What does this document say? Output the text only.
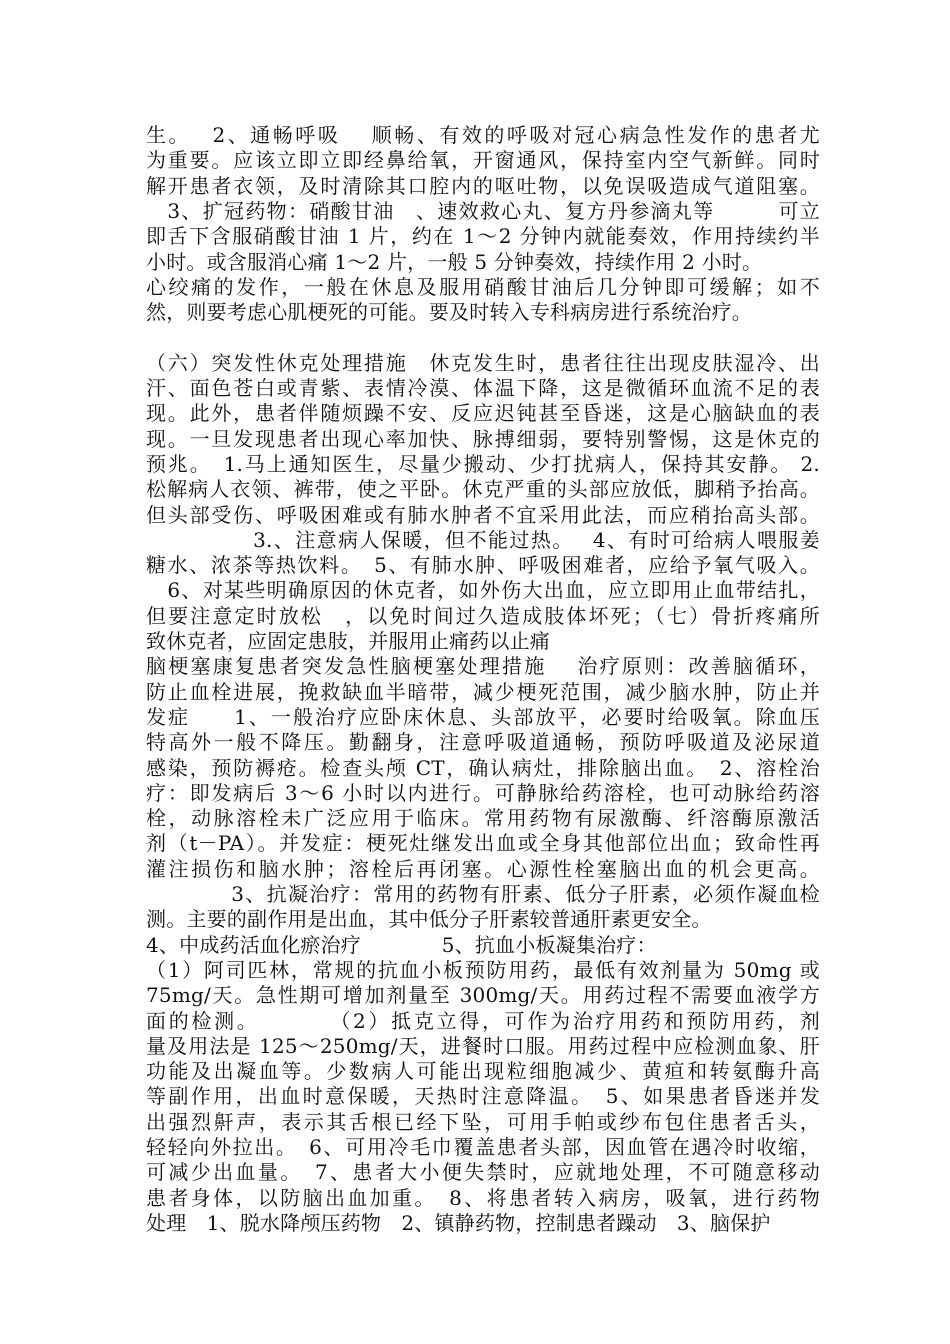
生。　 2、通畅呼吸　 顺畅、有效的呼吸对冠心病急性发作的患者尤
为重要。应该立即立即经鼻给氧，开窗通风，保持室内空气新鲜。同时
解开患者衣领，及时清除其口腔内的呕吐物，以免误吸造成气道阻塞。
　3、扩冠药物：硝酸甘油　、速效救心丸、复方丹参滴丸等　　　可立
即舌下含服硝酸甘油 1 片，约在 1～2 分钟内就能奏效，作用持续约半
小时。或含服消心痛 1～2 片，一般 5 分钟奏效，持续作用 2 小时。
心绞痛的发作，一般在休息及服用硝酸甘油后几分钟即可缓解；如不
然，则要考虑心肌梗死的可能。要及时转入专科病房进行系统治疗。
（六）突发性休克处理措施　休克发生时，患者往往出现皮肤湿冷、出
汗、面色苍白或青紫、表情冷漠、体温下降，这是微循环血流不足的表
现。此外，患者伴随烦躁不安、反应迟钝甚至昏迷，这是心脑缺血的表
现。一旦发现患者出现心率加快、脉搏细弱，要特别警惕，这是休克的
预兆。　1.马上通知医生，尽量少搬动、少打扰病人，保持其安静。 2.
松解病人衣领、裤带，使之平卧。休克严重的头部应放低，脚稍予抬高。
但头部受伤、呼吸困难或有肺水肿者不宜采用此法，而应稍抬高头部。
　　　　　3.、注意病人保暖，但不能过热。　 4、有时可给病人喂服姜
糖水、浓茶等热饮料。　5、有肺水肿、呼吸困难者，应给予氧气吸入。
　6、对某些明确原因的休克者，如外伤大出血，应立即用止血带结扎，
但要注意定时放松　，以免时间过久造成肢体坏死；（七）骨折疼痛所
致休克者，应固定患肢，并服用止痛药以止痛
脑梗塞康复患者突发急性脑梗塞处理措施　 治疗原则：改善脑循环，
防止血栓进展，挽救缺血半暗带，减少梗死范围，减少脑水肿，防止并
发症　　1、一般治疗应卧床休息、头部放平，必要时给吸氧。除血压
特高外一般不降压。勤翻身，注意呼吸道通畅，预防呼吸道及泌尿道
感染，预防褥疮。检查头颅 CT，确认病灶，排除脑出血。　2、溶栓治
疗：即发病后 3～6 小时以内进行。可静脉给药溶栓，也可动脉给药溶
栓，动脉溶栓未广泛应用于临床。常用药物有尿激酶、纤溶酶原激活
剂（t－PA）。并发症：梗死灶继发出血或全身其他部位出血；致命性再
灌注损伤和脑水肿；溶栓后再闭塞。心源性栓塞脑出血的机会更高。
　　　　3、抗凝治疗：常用的药物有肝素、低分子肝素，必须作凝血检
测。主要的副作用是出血，其中低分子肝素较普通肝素更安全。
4、中成药活血化瘀治疗　　　　5、抗血小板凝集治疗：
（1）阿司匹林，常规的抗血小板预防用药，最低有效剂量为 50mg 或
75mg/天。急性期可增加剂量至 300mg/天。用药过程不需要血液学方
面的检测。　　　　（2）抵克立得，可作为治疗用药和预防用药，剂
量及用法是 125～250mg/天，进餐时口服。用药过程中应检测血象、肝
功能及出凝血等。少数病人可能出现粒细胞减少、黄疸和转氨酶升高
等副作用，出血时意保暖，天热时注意降温。　5、如果患者昏迷并发
出强烈鼾声，表示其舌根已经下坠，可用手帕或纱布包住患者舌头，
轻轻向外拉出。　6、可用冷毛巾覆盖患者头部，因血管在遇冷时收缩，
可减少出血量。　7、患者大小便失禁时，应就地处理，不可随意移动
患者身体，以防脑出血加重。　8、将患者转入病房，吸氧，进行药物
处理　1、脱水降颅压药物　2、镇静药物，控制患者躁动　3、脑保护
